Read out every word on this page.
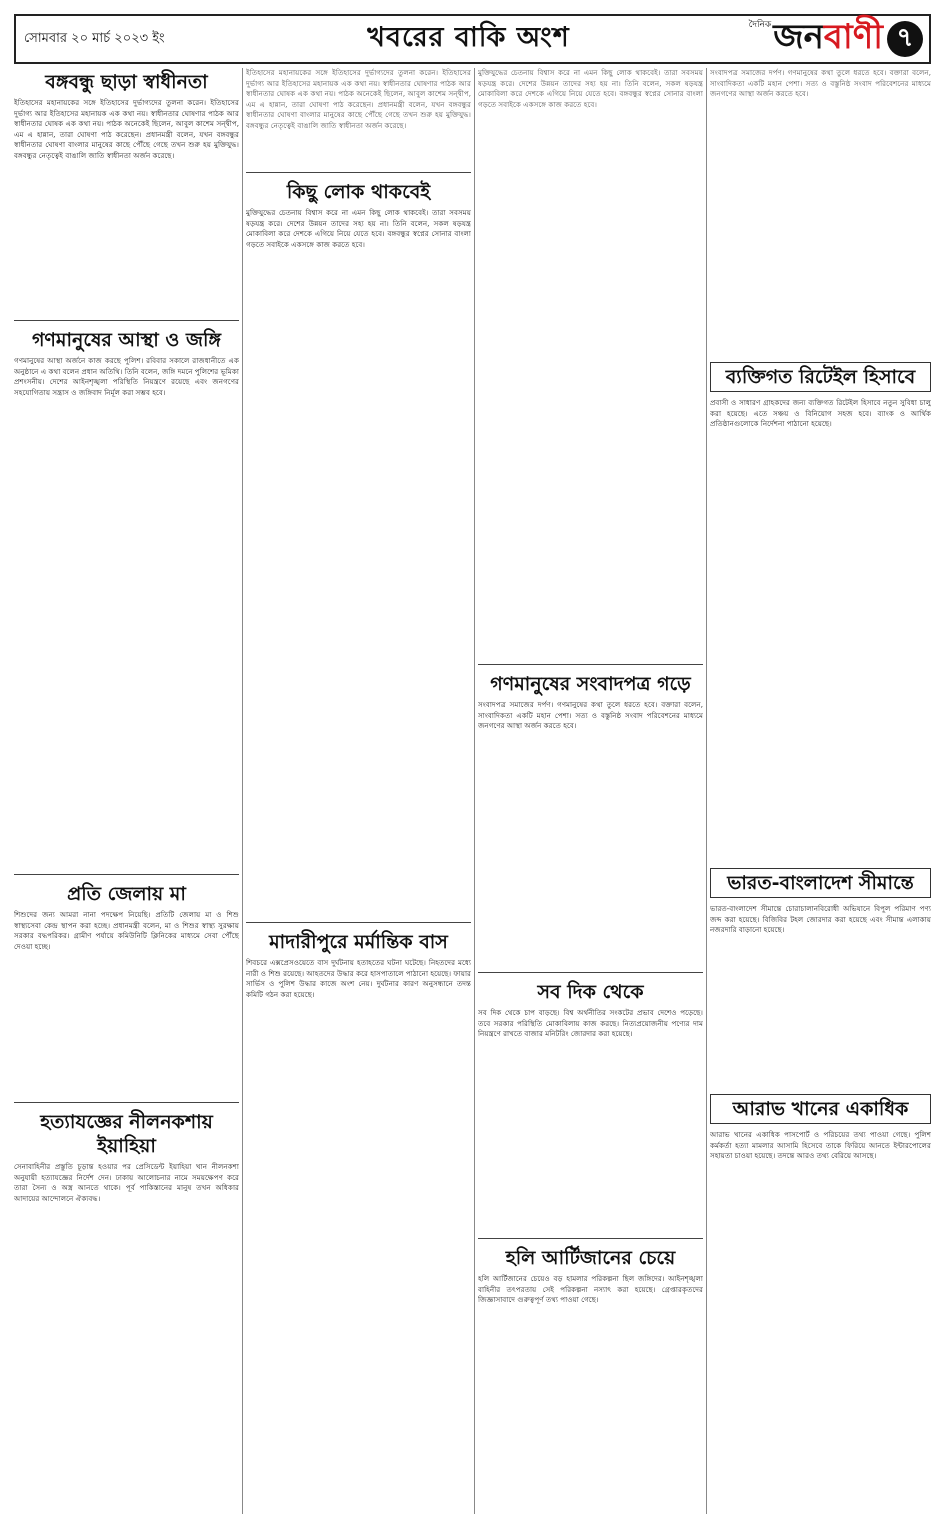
সোমবার ২০ মার্চ ২০২৩ ইং	খবরের বাকি অংশ	দৈনিক জনবাণী ৭
বঙ্গবন্ধু ছাড়া স্বাধীনতা
ইতিহাসের মহানায়কের সঙ্গে ইতিহাসের দুর্ভাগ্যদের তুলনা করেন। ইতিহাসের দুর্ভাগ্য আর ইতিহাসের মহানায়ক এক কথা নয়। স্বাধীনতার ঘোষণার পাঠক আর স্বাধীনতার ঘোষক এক কথা নয়। পাঠক অনেকেই ছিলেন, আবুল কাশেম সন্দ্বীপ, এম এ হান্নান, তারা ঘোষণা পাঠ করেছেন। প্রধানমন্ত্রী বলেন, যখন বঙ্গবন্ধুর স্বাধীনতার ঘোষণা বাংলার মানুষের কাছে পৌঁছে গেছে তখন শুরু হয় মুক্তিযুদ্ধ। বঙ্গবন্ধুর নেতৃত্বেই বাঙালি জাতি স্বাধীনতা অর্জন করেছে।
গণমানুষের আস্থা ও জঙ্গি
গণমানুষের আস্থা অর্জনে কাজ করছে পুলিশ। রবিবার সকালে রাজধানীতে এক অনুষ্ঠানে এ কথা বলেন প্রধান অতিথি। তিনি বলেন, জঙ্গি দমনে পুলিশের ভূমিকা প্রশংসনীয়। দেশের আইনশৃঙ্খলা পরিস্থিতি নিয়ন্ত্রণে রয়েছে এবং জনগণের সহযোগিতায় সন্ত্রাস ও জঙ্গিবাদ নির্মূল করা সম্ভব হবে।
প্রতি জেলায় মা
শিশুদের জন্য আমরা নানা পদক্ষেপ নিয়েছি। প্রতিটি জেলায় মা ও শিশু স্বাস্থ্যসেবা কেন্দ্র স্থাপন করা হচ্ছে। প্রধানমন্ত্রী বলেন, মা ও শিশুর স্বাস্থ্য সুরক্ষায় সরকার বদ্ধপরিকর। গ্রামীণ পর্যায়ে কমিউনিটি ক্লিনিকের মাধ্যমে সেবা পৌঁছে দেওয়া হচ্ছে।
হত্যাযজ্ঞের নীলনকশায় ইয়াহিয়া
সেনাবাহিনীর প্রস্তুতি চূড়ান্ত হওয়ার পর প্রেসিডেন্ট ইয়াহিয়া খান নীলনকশা অনুযায়ী হত্যাযজ্ঞের নির্দেশ দেন। ঢাকায় আলোচনার নামে সময়ক্ষেপণ করে তারা সৈন্য ও অস্ত্র আনতে থাকে। পূর্ব পাকিস্তানের মানুষ তখন অধিকার আদায়ের আন্দোলনে ঐক্যবদ্ধ।
ইতিহাসের মহানায়কের সঙ্গে ইতিহাসের দুর্ভাগ্যদের তুলনা করেন। ইতিহাসের দুর্ভাগ্য আর ইতিহাসের মহানায়ক এক কথা নয়। স্বাধীনতার ঘোষণার পাঠক আর স্বাধীনতার ঘোষক এক কথা নয়। পাঠক অনেকেই ছিলেন, আবুল কাশেম সন্দ্বীপ, এম এ হান্নান, তারা ঘোষণা পাঠ করেছেন। প্রধানমন্ত্রী বলেন, যখন বঙ্গবন্ধুর স্বাধীনতার ঘোষণা বাংলার মানুষের কাছে পৌঁছে গেছে তখন শুরু হয় মুক্তিযুদ্ধ। বঙ্গবন্ধুর নেতৃত্বেই বাঙালি জাতি স্বাধীনতা অর্জন করেছে।
কিছু লোক থাকবেই
মুক্তিযুদ্ধের চেতনায় বিশ্বাস করে না এমন কিছু লোক থাকবেই। তারা সবসময় ষড়যন্ত্র করে। দেশের উন্নয়ন তাদের সহ্য হয় না। তিনি বলেন, সকল ষড়যন্ত্র মোকাবিলা করে দেশকে এগিয়ে নিয়ে যেতে হবে। বঙ্গবন্ধুর স্বপ্নের সোনার বাংলা গড়তে সবাইকে একসঙ্গে কাজ করতে হবে।
মাদারীপুরে মর্মান্তিক বাস
শিবচরে এক্সপ্রেসওয়েতে বাস দুর্ঘটনায় হতাহতের ঘটনা ঘটেছে। নিহতদের মধ্যে নারী ও শিশু রয়েছে। আহতদের উদ্ধার করে হাসপাতালে পাঠানো হয়েছে। ফায়ার সার্ভিস ও পুলিশ উদ্ধার কাজে অংশ নেয়। দুর্ঘটনার কারণ অনুসন্ধানে তদন্ত কমিটি গঠন করা হয়েছে।
মুক্তিযুদ্ধের চেতনায় বিশ্বাস করে না এমন কিছু লোক থাকবেই। তারা সবসময় ষড়যন্ত্র করে। দেশের উন্নয়ন তাদের সহ্য হয় না। তিনি বলেন, সকল ষড়যন্ত্র মোকাবিলা করে দেশকে এগিয়ে নিয়ে যেতে হবে। বঙ্গবন্ধুর স্বপ্নের সোনার বাংলা গড়তে সবাইকে একসঙ্গে কাজ করতে হবে।
গণমানুষের সংবাদপত্র গড়ে
সংবাদপত্র সমাজের দর্পণ। গণমানুষের কথা তুলে ধরতে হবে। বক্তারা বলেন, সাংবাদিকতা একটি মহান পেশা। সত্য ও বস্তুনিষ্ঠ সংবাদ পরিবেশনের মাধ্যমে জনগণের আস্থা অর্জন করতে হবে।
সব দিক থেকে
সব দিক থেকে চাপ বাড়ছে। বিশ্ব অর্থনীতির সংকটের প্রভাব দেশেও পড়েছে। তবে সরকার পরিস্থিতি মোকাবিলায় কাজ করছে। নিত্যপ্রয়োজনীয় পণ্যের দাম নিয়ন্ত্রণে রাখতে বাজার মনিটরিং জোরদার করা হয়েছে।
হলি আর্টিজানের চেয়ে
হলি আর্টিজানের চেয়েও বড় হামলার পরিকল্পনা ছিল জঙ্গিদের। আইনশৃঙ্খলা বাহিনীর তৎপরতায় সেই পরিকল্পনা নস্যাৎ করা হয়েছে। গ্রেপ্তারকৃতদের জিজ্ঞাসাবাদে গুরুত্বপূর্ণ তথ্য পাওয়া গেছে।
সংবাদপত্র সমাজের দর্পণ। গণমানুষের কথা তুলে ধরতে হবে। বক্তারা বলেন, সাংবাদিকতা একটি মহান পেশা। সত্য ও বস্তুনিষ্ঠ সংবাদ পরিবেশনের মাধ্যমে জনগণের আস্থা অর্জন করতে হবে।
ব্যক্তিগত রিটেইল হিসাবে
প্রবাসী ও সাধারণ গ্রাহকদের জন্য ব্যক্তিগত রিটেইল হিসাবে নতুন সুবিধা চালু করা হয়েছে। এতে সঞ্চয় ও বিনিয়োগ সহজ হবে। ব্যাংক ও আর্থিক প্রতিষ্ঠানগুলোকে নির্দেশনা পাঠানো হয়েছে।
ভারত-বাংলাদেশ সীমান্তে
ভারত-বাংলাদেশ সীমান্তে চোরাচালানবিরোধী অভিযানে বিপুল পরিমাণ পণ্য জব্দ করা হয়েছে। বিজিবির টহল জোরদার করা হয়েছে এবং সীমান্ত এলাকায় নজরদারি বাড়ানো হয়েছে।
আরাভ খানের একাধিক
আরাভ খানের একাধিক পাসপোর্ট ও পরিচয়ের তথ্য পাওয়া গেছে। পুলিশ কর্মকর্তা হত্যা মামলার আসামি হিসেবে তাকে ফিরিয়ে আনতে ইন্টারপোলের সহায়তা চাওয়া হয়েছে। তদন্তে আরও তথ্য বেরিয়ে আসছে।
